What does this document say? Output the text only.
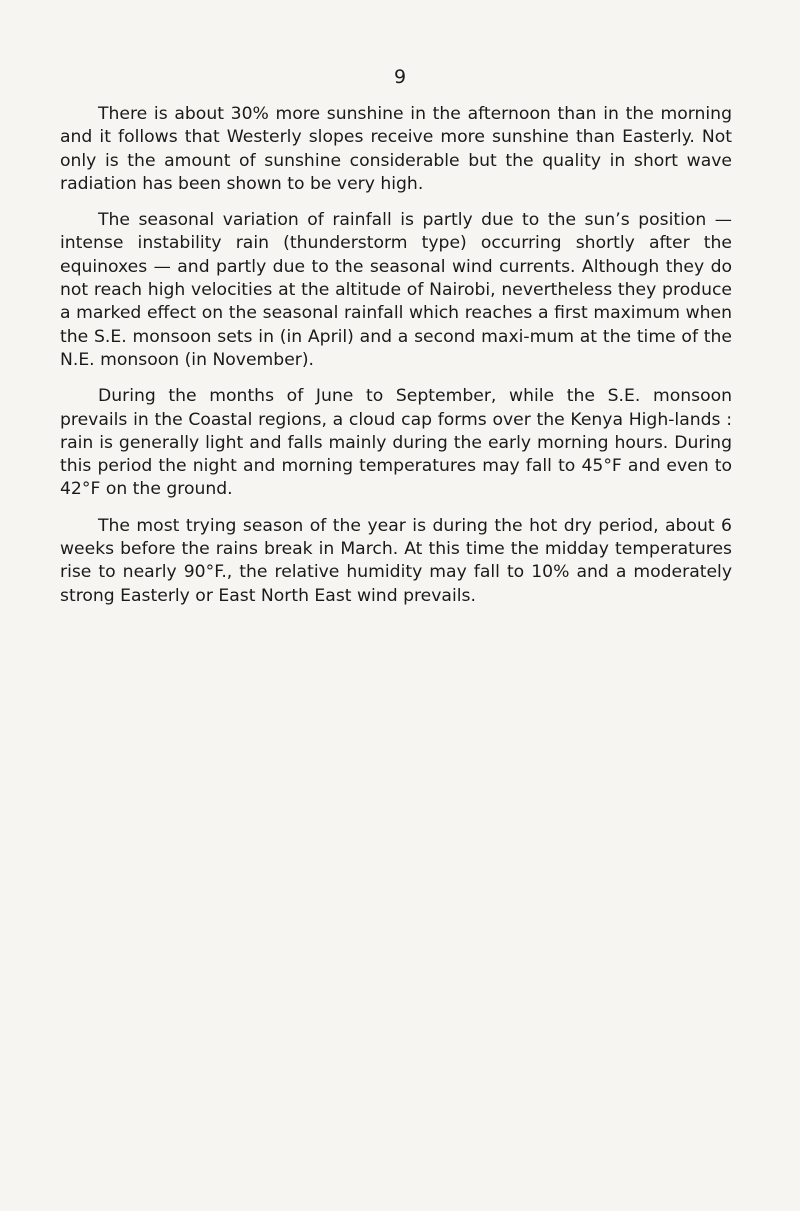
9

There is about 30% more sunshine in the afternoon than in the morning and it follows that Westerly slopes receive more sunshine than Easterly. Not only is the amount of sunshine considerable but the quality in short wave radiation has been shown to be very high.

The seasonal variation of rainfall is partly due to the sun’s position — intense instability rain (thunderstorm type) occurring shortly after the equinoxes — and partly due to the seasonal wind currents. Although they do not reach high velocities at the altitude of Nairobi, nevertheless they produce a marked effect on the seasonal rainfall which reaches a first maximum when the S.E. monsoon sets in (in April) and a second maxi-mum at the time of the N.E. monsoon (in November).

During the months of June to September, while the S.E. monsoon prevails in the Coastal regions, a cloud cap forms over the Kenya High-lands : rain is generally light and falls mainly during the early morning hours. During this period the night and morning temperatures may fall to 45°F and even to 42°F on the ground.

The most trying season of the year is during the hot dry period, about 6 weeks before the rains break in March. At this time the midday temperatures rise to nearly 90°F., the relative humidity may fall to 10% and a moderately strong Easterly or East North East wind prevails.
